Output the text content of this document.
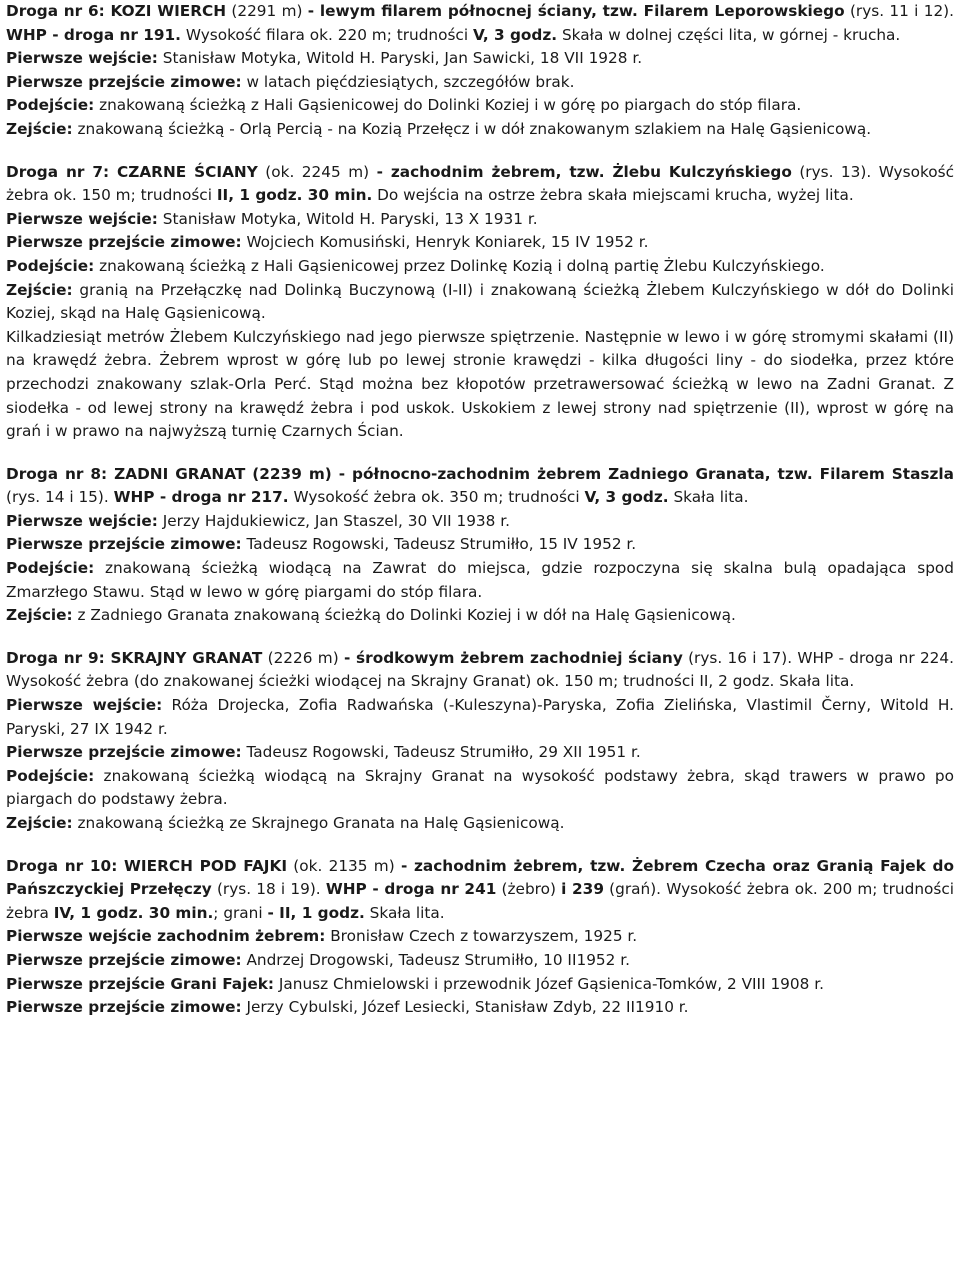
Droga nr 6: KOZI WIERCH (2291 m) - lewym filarem północnej ściany, tzw. Filarem Leporowskiego (rys. 11 i 12). WHP - droga nr 191. Wysokość filara ok. 220 m; trudności V, 3 godz. Skała w dolnej części lita, w górnej - krucha.

Pierwsze wejście: Stanisław Motyka, Witold H. Paryski, Jan Sawicki, 18 VII 1928 r.

Pierwsze przejście zimowe: w latach pięćdziesiątych, szczegółów brak.

Podejście: znakowaną ścieżką z Hali Gąsienicowej do Dolinki Koziej i w górę po piargach do stóp filara.

Zejście: znakowaną ścieżką - Orlą Percią - na Kozią Przełęcz i w dół znakowanym szlakiem na Halę Gąsienicową.

Droga nr 7: CZARNE ŚCIANY (ok. 2245 m) - zachodnim żebrem, tzw. Żlebu Kulczyńskiego (rys. 13). Wysokość żebra ok. 150 m; trudności II, 1 godz. 30 min. Do wejścia na ostrze żebra skała miejscami krucha, wyżej lita.

Pierwsze wejście: Stanisław Motyka, Witold H. Paryski, 13 X 1931 r.

Pierwsze przejście zimowe: Wojciech Komusiński, Henryk Koniarek, 15 IV 1952 r.

Podejście: znakowaną ścieżką z Hali Gąsienicowej przez Dolinkę Kozią i dolną partię Żlebu Kulczyńskiego.

Zejście: granią na Przełączkę nad Dolinką Buczynową (I-II) i znakowaną ścieżką Żlebem Kulczyńskiego w dół do Dolinki Koziej, skąd na Halę Gąsienicową.

Kilkadziesiąt metrów Żlebem Kulczyńskiego nad jego pierwsze spiętrzenie. Następnie w lewo i w górę stromymi skałami (II) na krawędź żebra. Żebrem wprost w górę lub po lewej stronie krawędzi - kilka długości liny - do siodełka, przez które przechodzi znakowany szlak-Orla Perć. Stąd można bez kłopotów przetrawersować ścieżką w lewo na Zadni Granat. Z siodełka - od lewej strony na krawędź żebra i pod uskok. Uskokiem z lewej strony nad spiętrzenie (II), wprost w górę na grań i w prawo na najwyższą turnię Czarnych Ścian.

Droga nr 8: ZADNI GRANAT (2239 m) - północno-zachodnim żebrem Zadniego Granata, tzw. Filarem Staszla (rys. 14 i 15). WHP - droga nr 217. Wysokość żebra ok. 350 m; trudności V, 3 godz. Skała lita.

Pierwsze wejście: Jerzy Hajdukiewicz, Jan Staszel, 30 VII 1938 r.

Pierwsze przejście zimowe: Tadeusz Rogowski, Tadeusz Strumiłło, 15 IV 1952 r.

Podejście: znakowaną ścieżką wiodącą na Zawrat do miejsca, gdzie rozpoczyna się skalna bulą opadająca spod Zmarzłego Stawu. Stąd w lewo w górę piargami do stóp filara.

Zejście: z Zadniego Granata znakowaną ścieżką do Dolinki Koziej i w dół na Halę Gąsienicową.

Droga nr 9: SKRAJNY GRANAT (2226 m) - środkowym żebrem zachodniej ściany (rys. 16 i 17). WHP - droga nr 224. Wysokość żebra (do znakowanej ścieżki wiodącej na Skrajny Granat) ok. 150 m; trudności II, 2 godz. Skała lita.

Pierwsze wejście: Róża Drojecka, Zofia Radwańska (-Kuleszyna)-Paryska, Zofia Zielińska, Vlastimil Černy, Witold H. Paryski, 27 IX 1942 r.

Pierwsze przejście zimowe: Tadeusz Rogowski, Tadeusz Strumiłło, 29 XII 1951 r.

Podejście: znakowaną ścieżką wiodącą na Skrajny Granat na wysokość podstawy żebra, skąd trawers w prawo po piargach do podstawy żebra.

Zejście: znakowaną ścieżką ze Skrajnego Granata na Halę Gąsienicową.

Droga nr 10: WIERCH POD FAJKI (ok. 2135 m) - zachodnim żebrem, tzw. Żebrem Czecha oraz Granią Fajek do Pańszczyckiej Przełęczy (rys. 18 i 19). WHP - droga nr 241 (żebro) i 239 (grań). Wysokość żebra ok. 200 m; trudności żebra IV, 1 godz. 30 min.; grani - II, 1 godz. Skała lita.

Pierwsze wejście zachodnim żebrem: Bronisław Czech z towarzyszem, 1925 r.

Pierwsze przejście zimowe: Andrzej Drogowski, Tadeusz Strumiłło, 10 II1952 r.

Pierwsze przejście Grani Fajek: Janusz Chmielowski i przewodnik Józef Gąsienica-Tomków, 2 VIII 1908 r.

Pierwsze przejście zimowe: Jerzy Cybulski, Józef Lesiecki, Stanisław Zdyb, 22 II1910 r.
